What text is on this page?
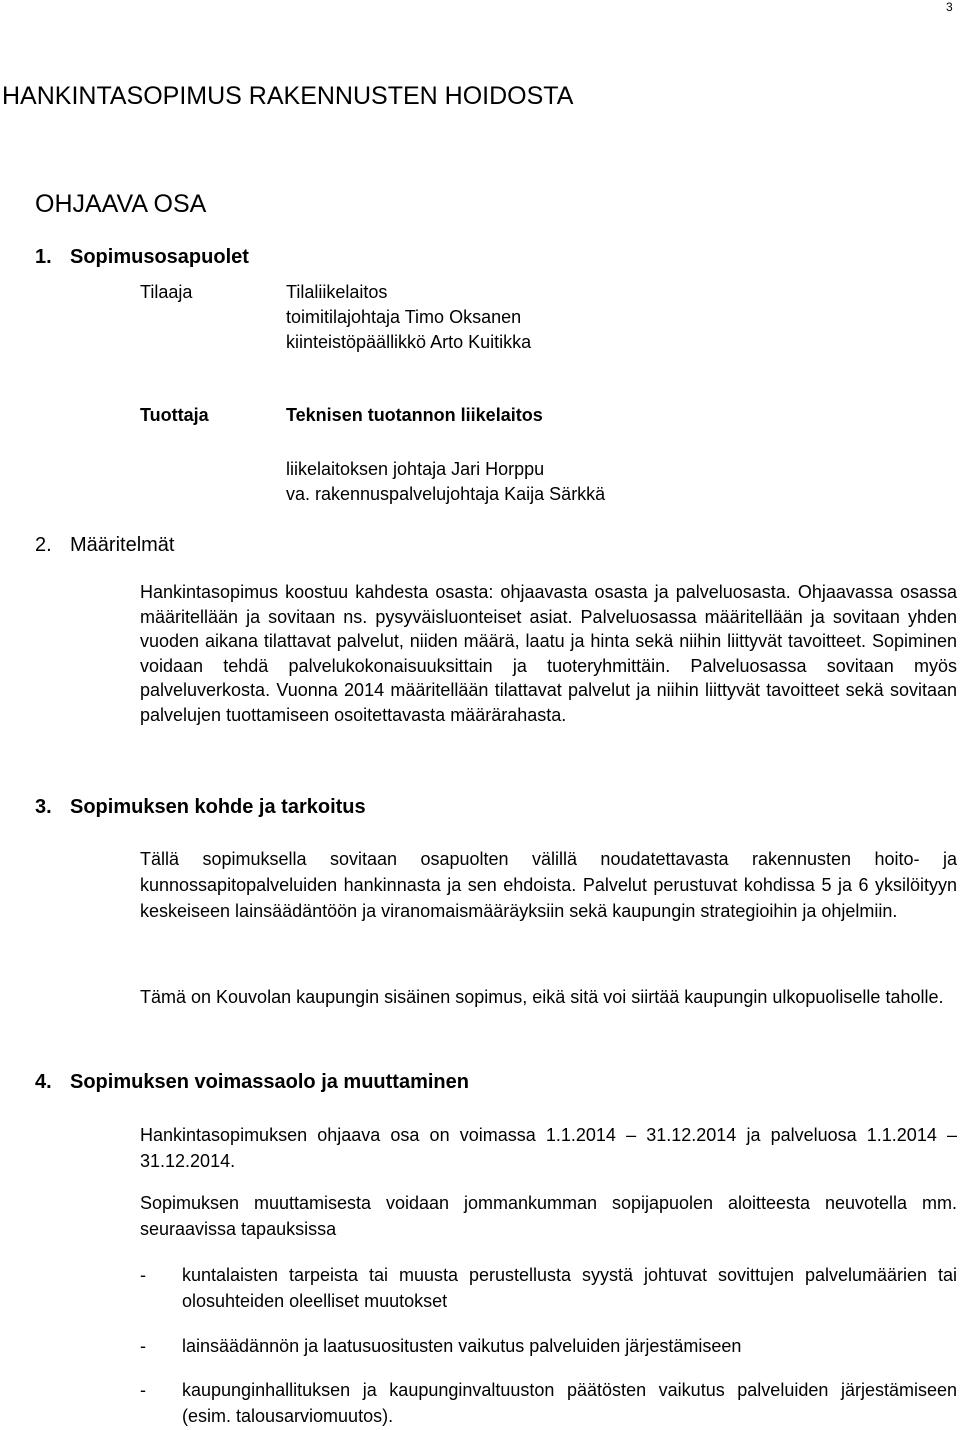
3
HANKINTASOPIMUS RAKENNUSTEN HOIDOSTA
OHJAAVA OSA
1. Sopimusosapuolet
Tilaaja	Tilaliikelaitos
toimitilajohtaja Timo Oksanen
kiinteistöpäällikkö Arto Kuitikka
Tuottaja	Teknisen tuotannon liikelaitos
liikelaitoksen johtaja Jari Horppu
va. rakennuspalvelujohtaja Kaija Särkkä
2. Määritelmät

Hankintasopimus koostuu kahdesta osasta: ohjaavasta osasta ja palveluosasta. Ohjaavassa osassa määritellään ja sovitaan ns. pysyväisluonteiset asiat. Palveluosassa määritellään ja sovitaan yhden vuoden aikana tilattavat palvelut, niiden määrä, laatu ja hinta sekä niihin liittyvät tavoitteet. Sopiminen voidaan tehdä palvelukokonaisuuksittain ja tuoteryhmittäin. Palveluosassa sovitaan myös palveluverkosta. Vuonna 2014 määritellään tilattavat palvelut ja niihin liittyvät tavoitteet sekä sovitaan palvelujen tuottamiseen osoitettavasta määrärahasta.

3. Sopimuksen kohde ja tarkoitus

Tällä sopimuksella sovitaan osapuolten välillä noudatettavasta rakennusten hoito- ja kunnossapitopalveluiden hankinnasta ja sen ehdoista. Palvelut perustuvat kohdissa 5 ja 6 yksilöityyn keskeiseen lainsäädäntöön ja viranomaismääräyksiin sekä kaupungin strategioihin ja ohjelmiin.

Tämä on Kouvolan kaupungin sisäinen sopimus, eikä sitä voi siirtää kaupungin ulkopuoliselle taholle.

4. Sopimuksen voimassaolo ja muuttaminen

Hankintasopimuksen ohjaava osa on voimassa 1.1.2014 – 31.12.2014 ja palveluosa 1.1.2014 – 31.12.2014.

Sopimuksen muuttamisesta voidaan jommankumman sopijapuolen aloitteesta neuvotella mm. seuraavissa tapauksissa

- kuntalaisten tarpeista tai muusta perustellusta syystä johtuvat sovittujen palvelumäärien tai olosuhteiden oleelliset muutokset
- lainsäädännön ja laatusuositusten vaikutus palveluiden järjestämiseen
- kaupunginhallituksen ja kaupunginvaltuuston päätösten vaikutus palveluiden järjestämiseen (esim. talousarviomuutos).
